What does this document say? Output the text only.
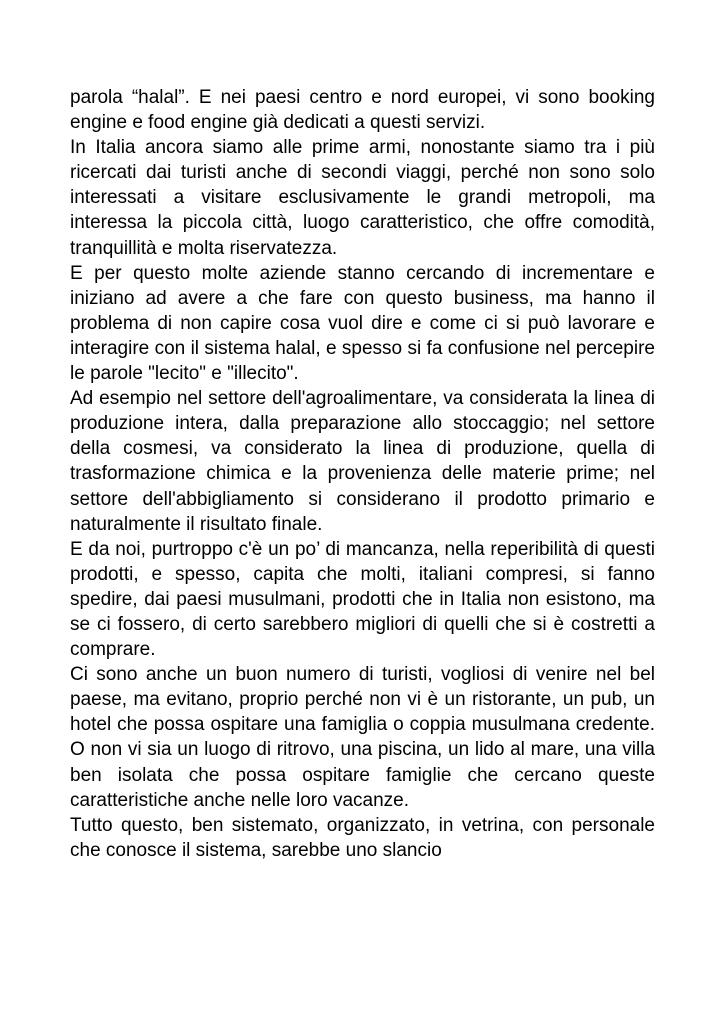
parola “halal”. E nei paesi centro e nord europei, vi sono booking engine e food engine già dedicati a questi servizi.

In Italia ancora siamo alle prime armi, nonostante siamo tra i più ricercati dai turisti anche di secondi viaggi, perché non sono solo interessati a visitare esclusivamente le grandi metropoli, ma interessa la piccola città, luogo caratteristico, che offre comodità, tranquillità e molta riservatezza.

E per questo molte aziende stanno cercando di incrementare e iniziano ad avere a che fare con questo business, ma hanno il problema di non capire cosa vuol dire e come ci si può lavorare e interagire con il sistema halal, e spesso si fa confusione nel percepire le parole "lecito" e "illecito".

Ad esempio nel settore dell'agroalimentare, va considerata la linea di produzione intera, dalla preparazione allo stoccaggio; nel settore della cosmesi, va considerato la linea di produzione, quella di trasformazione chimica e la provenienza delle materie prime; nel settore dell'abbigliamento si considerano il prodotto primario e naturalmente il risultato finale.

E da noi, purtroppo c'è un po’ di mancanza, nella reperibilità di questi prodotti, e spesso, capita che molti, italiani compresi, si fanno spedire, dai paesi musulmani, prodotti che in Italia non esistono, ma se ci fossero, di certo sarebbero migliori di quelli che si è costretti a comprare.

Ci sono anche un buon numero di turisti, vogliosi di venire nel bel paese, ma evitano, proprio perché non vi è un ristorante, un pub, un hotel che possa ospitare una famiglia o coppia musulmana credente. O non vi sia un luogo di ritrovo, una piscina, un lido al mare, una villa ben isolata che possa ospitare famiglie che cercano queste caratteristiche anche nelle loro vacanze.

Tutto questo, ben sistemato, organizzato, in vetrina, con personale che conosce il sistema, sarebbe uno slancio
